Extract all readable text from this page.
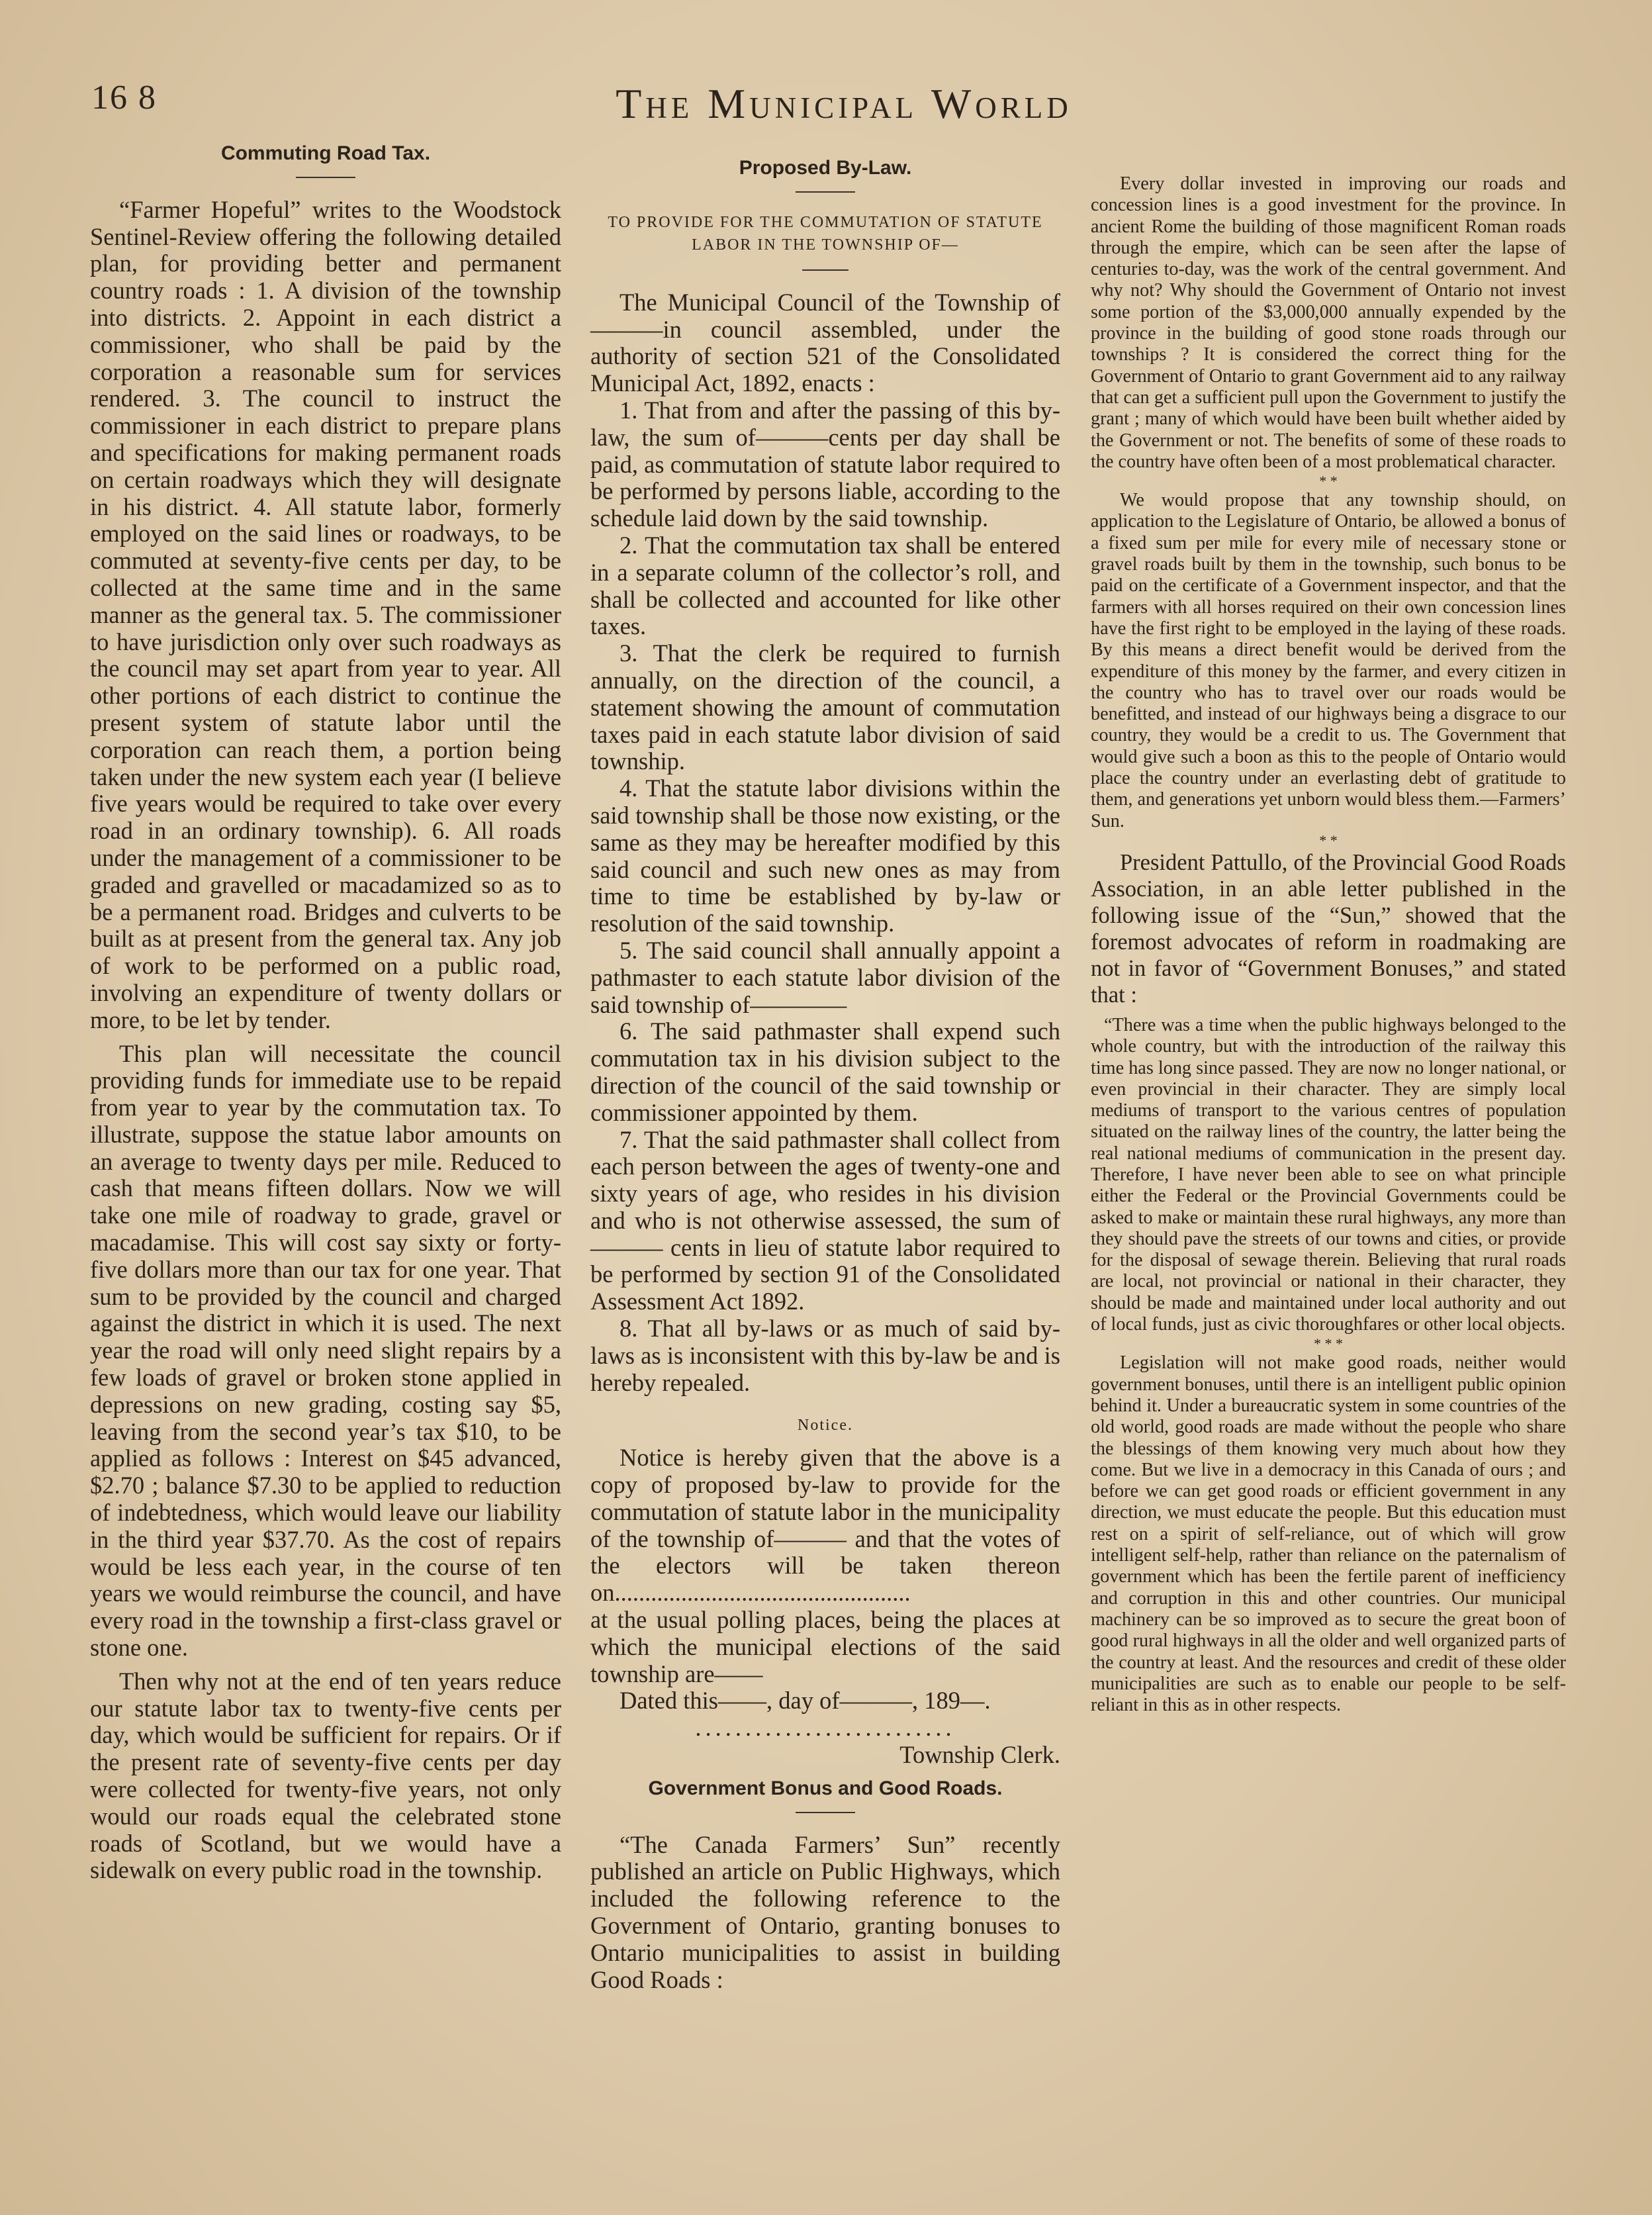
16 8	The Municipal World
Commuting Road Tax.

“Farmer Hopeful” writes to the Woodstock Sentinel-Review offering the following detailed plan, for providing better and permanent country roads : 1. A division of the township into districts. 2. Appoint in each district a commissioner, who shall be paid by the corporation a reasonable sum for services rendered. 3. The council to instruct the commissioner in each district to prepare plans and specifications for making permanent roads on certain roadways which they will designate in his district. 4. All statute labor, formerly employed on the said lines or roadways, to be commuted at seventy-five cents per day, to be collected at the same time and in the same manner as the general tax. 5. The commissioner to have jurisdiction only over such roadways as the council may set apart from year to year. All other portions of each district to continue the present system of statute labor until the corporation can reach them, a portion being taken under the new system each year (I believe five years would be required to take over every road in an ordinary township). 6. All roads under the management of a commissioner to be graded and gravelled or macadamized so as to be a permanent road. Bridges and culverts to be built as at present from the general tax. Any job of work to be performed on a public road, involving an expenditure of twenty dollars or more, to be let by tender.

This plan will necessitate the council providing funds for immediate use to be repaid from year to year by the commutation tax. To illustrate, suppose the statue labor amounts on an average to twenty days per mile. Reduced to cash that means fifteen dollars. Now we will take one mile of roadway to grade, gravel or macadamise. This will cost say sixty or forty-five dollars more than our tax for one year. That sum to be provided by the council and charged against the district in which it is used. The next year the road will only need slight repairs by a few loads of gravel or broken stone applied in depressions on new grading, costing say $5, leaving from the second year’s tax $10, to be applied as follows : Interest on $45 advanced, $2.70 ; balance $7.30 to be applied to reduction of indebtedness, which would leave our liability in the third year $37.70. As the cost of repairs would be less each year, in the course of ten years we would reimburse the council, and have every road in the township a first-class gravel or stone one.

Then why not at the end of ten years reduce our statute labor tax to twenty-five cents per day, which would be sufficient for repairs. Or if the present rate of seventy-five cents per day were collected for twenty-five years, not only would our roads equal the celebrated stone roads of Scotland, but we would have a sidewalk on every public road in the township.

Proposed By-Law.
TO PROVIDE FOR THE COMMUTATION OF STATUTE LABOR IN THE TOWNSHIP OF—

The Municipal Council of the Township of———in council assembled, under the authority of section 521 of the Consolidated Municipal Act, 1892, enacts :

1. That from and after the passing of this by-law, the sum of———cents per day shall be paid, as commutation of statute labor required to be performed by persons liable, according to the schedule laid down by the said township.

2. That the commutation tax shall be entered in a separate column of the collector’s roll, and shall be collected and accounted for like other taxes.

3. That the clerk be required to furnish annually, on the direction of the council, a statement showing the amount of commutation taxes paid in each statute labor division of said township.

4. That the statute labor divisions within the said township shall be those now existing, or the same as they may be hereafter modified by this said council and such new ones as may from time to time be established by by-law or resolution of the said township.

5. The said council shall annually appoint a pathmaster to each statute labor division of the said township of————

6. The said pathmaster shall expend such commutation tax in his division subject to the direction of the council of the said township or commissioner appointed by them.

7. That the said pathmaster shall collect from each person between the ages of twenty-one and sixty years of age, who resides in his division and who is not otherwise assessed, the sum of——— cents in lieu of statute labor required to be performed by section 91 of the Consolidated Assessment Act 1892.

8. That all by-laws or as much of said by-laws as is inconsistent with this by-law be and is hereby repealed.

Notice.

Notice is hereby given that the above is a copy of proposed by-law to provide for the commutation of statute labor in the municipality of the township of——— and that the votes of the electors will be taken thereon on.................................................

at the usual polling places, being the places at which the municipal elections of the said township are——

Dated this——, day of———, 189—.

..........................
Township Clerk.
Government Bonus and Good Roads.

“The Canada Farmers’ Sun” recently published an article on Public Highways, which included the following reference to the Government of Ontario, granting bonuses to Ontario municipalities to assist in building Good Roads :

Every dollar invested in improving our roads and concession lines is a good investment for the province. In ancient Rome the building of those magnificent Roman roads through the empire, which can be seen after the lapse of centuries to-day, was the work of the central government. And why not? Why should the Government of Ontario not invest some portion of the $3,000,000 annually expended by the province in the building of good stone roads through our townships ? It is considered the correct thing for the Government of Ontario to grant Government aid to any railway that can get a sufficient pull upon the Government to justify the grant ; many of which would have been built whether aided by the Government or not. The benefits of some of these roads to the country have often been of a most problematical character.

* *

We would propose that any township should, on application to the Legislature of Ontario, be allowed a bonus of a fixed sum per mile for every mile of necessary stone or gravel roads built by them in the township, such bonus to be paid on the certificate of a Government inspector, and that the farmers with all horses required on their own concession lines have the first right to be employed in the laying of these roads. By this means a direct benefit would be derived from the expenditure of this money by the farmer, and every citizen in the country who has to travel over our roads would be benefitted, and instead of our highways being a disgrace to our country, they would be a credit to us. The Government that would give such a boon as this to the people of Ontario would place the country under an everlasting debt of gratitude to them, and generations yet unborn would bless them.—Farmers’ Sun.

* *

President Pattullo, of the Provincial Good Roads Association, in an able letter published in the following issue of the “Sun,” showed that the foremost advocates of reform in roadmaking are not in favor of “Government Bonuses,” and stated that :

“There was a time when the public highways belonged to the whole country, but with the introduction of the railway this time has long since passed. They are now no longer national, or even provincial in their character. They are simply local mediums of transport to the various centres of population situated on the railway lines of the country, the latter being the real national mediums of communication in the present day. Therefore, I have never been able to see on what principle either the Federal or the Provincial Governments could be asked to make or maintain these rural highways, any more than they should pave the streets of our towns and cities, or provide for the disposal of sewage therein. Believing that rural roads are local, not provincial or national in their character, they should be made and maintained under local authority and out of local funds, just as civic thoroughfares or other local objects.

* * *

Legislation will not make good roads, neither would government bonuses, until there is an intelligent public opinion behind it. Under a bureaucratic system in some countries of the old world, good roads are made without the people who share the blessings of them knowing very much about how they come. But we live in a democracy in this Canada of ours ; and before we can get good roads or efficient government in any direction, we must educate the people. But this education must rest on a spirit of self-reliance, out of which will grow intelligent self-help, rather than reliance on the paternalism of government which has been the fertile parent of inefficiency and corruption in this and other countries. Our municipal machinery can be so improved as to secure the great boon of good rural highways in all the older and well organized parts of the country at least. And the resources and credit of these older municipalities are such as to enable our people to be self-reliant in this as in other respects.
